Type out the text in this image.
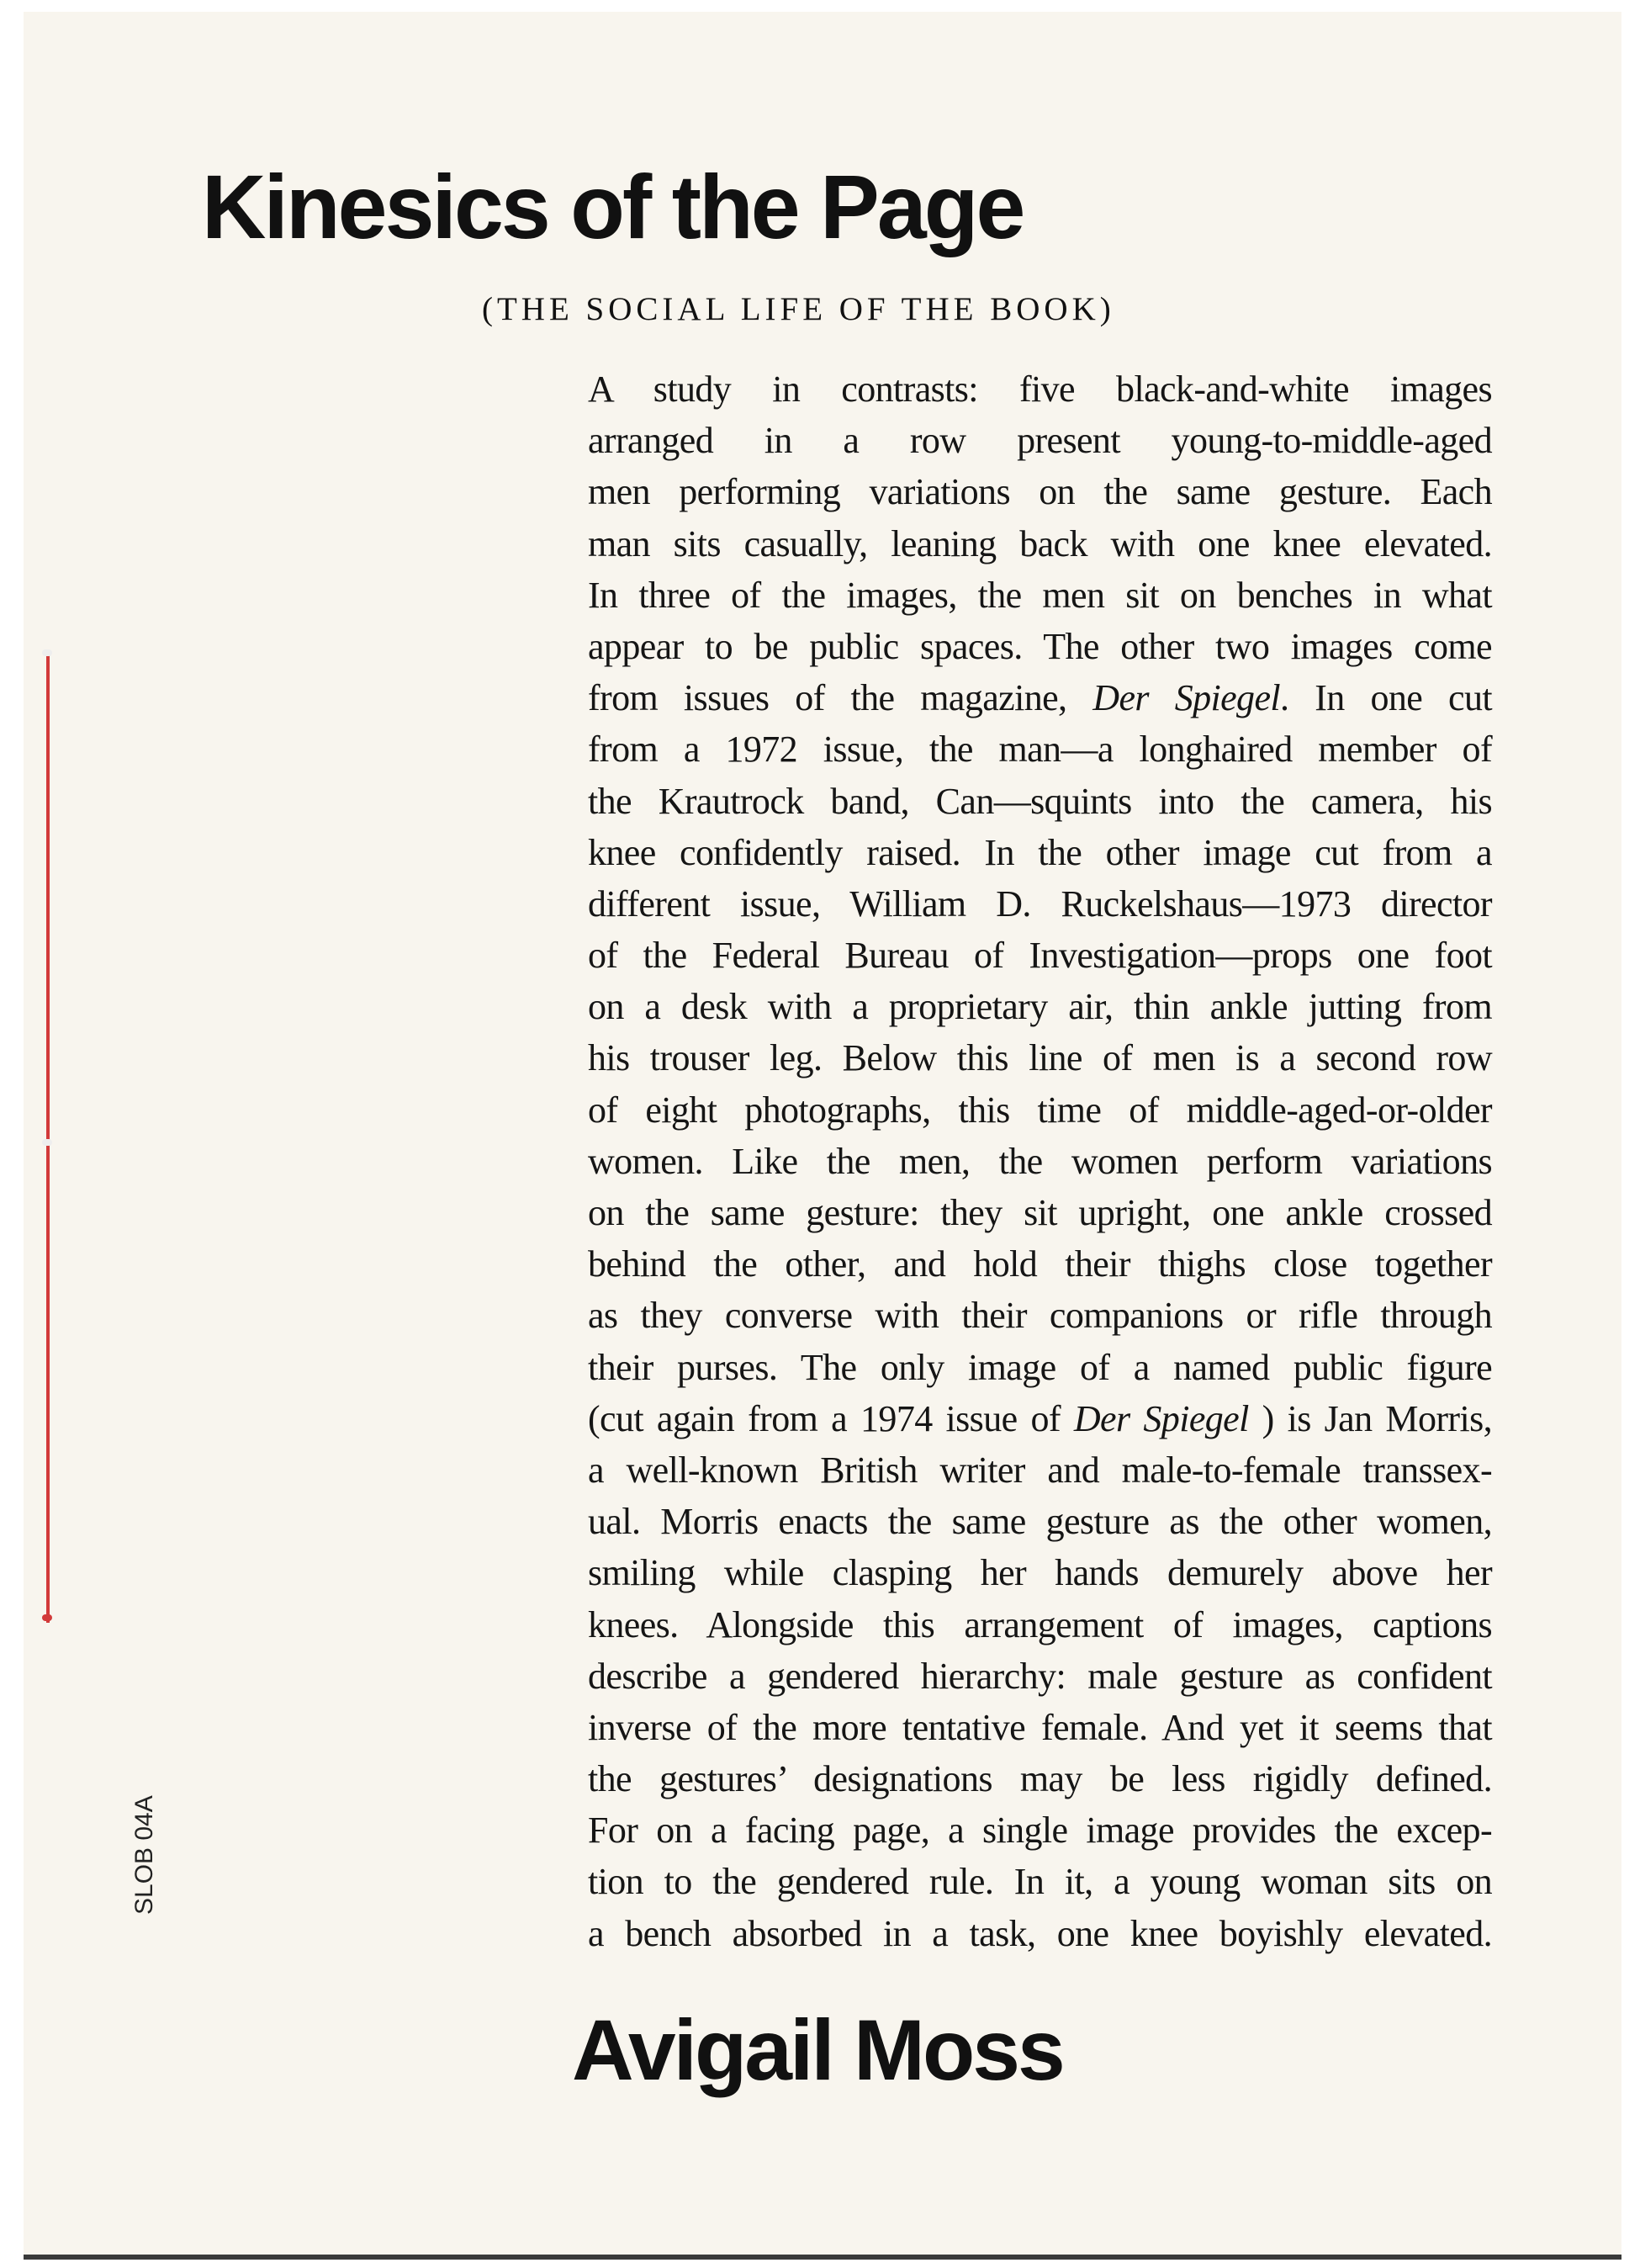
Kinesics of the Page
(THE SOCIAL LIFE OF THE BOOK)
A study in contrasts: five black-and-white images
arranged in a row present young-to-middle-aged
men performing variations on the same gesture. Each
man sits casually, leaning back with one knee elevated.
In three of the images, the men sit on benches in what
appear to be public spaces. The other two images come
from issues of the magazine, Der Spiegel. In one cut
from a 1972 issue, the man—a longhaired member of
the Krautrock band, Can—squints into the camera, his
knee confidently raised. In the other image cut from a
different issue, William D. Ruckelshaus—1973 director
of the Federal Bureau of Investigation—props one foot
on a desk with a proprietary air, thin ankle jutting from
his trouser leg. Below this line of men is a second row
of eight photographs, this time of middle-aged-or-older
women. Like the men, the women perform variations
on the same gesture: they sit upright, one ankle crossed
behind the other, and hold their thighs close together
as they converse with their companions or rifle through
their purses. The only image of a named public figure
(cut again from a 1974 issue of Der Spiegel ) is Jan Morris,
a well-known British writer and male-to-female transsex-
ual. Morris enacts the same gesture as the other women,
smiling while clasping her hands demurely above her
knees. Alongside this arrangement of images, captions
describe a gendered hierarchy: male gesture as confident
inverse of the more tentative female. And yet it seems that
the gestures’ designations may be less rigidly defined.
For on a facing page, a single image provides the excep-
tion to the gendered rule. In it, a young woman sits on
a bench absorbed in a task, one knee boyishly elevated.
Avigail Moss
SLOB 04A
